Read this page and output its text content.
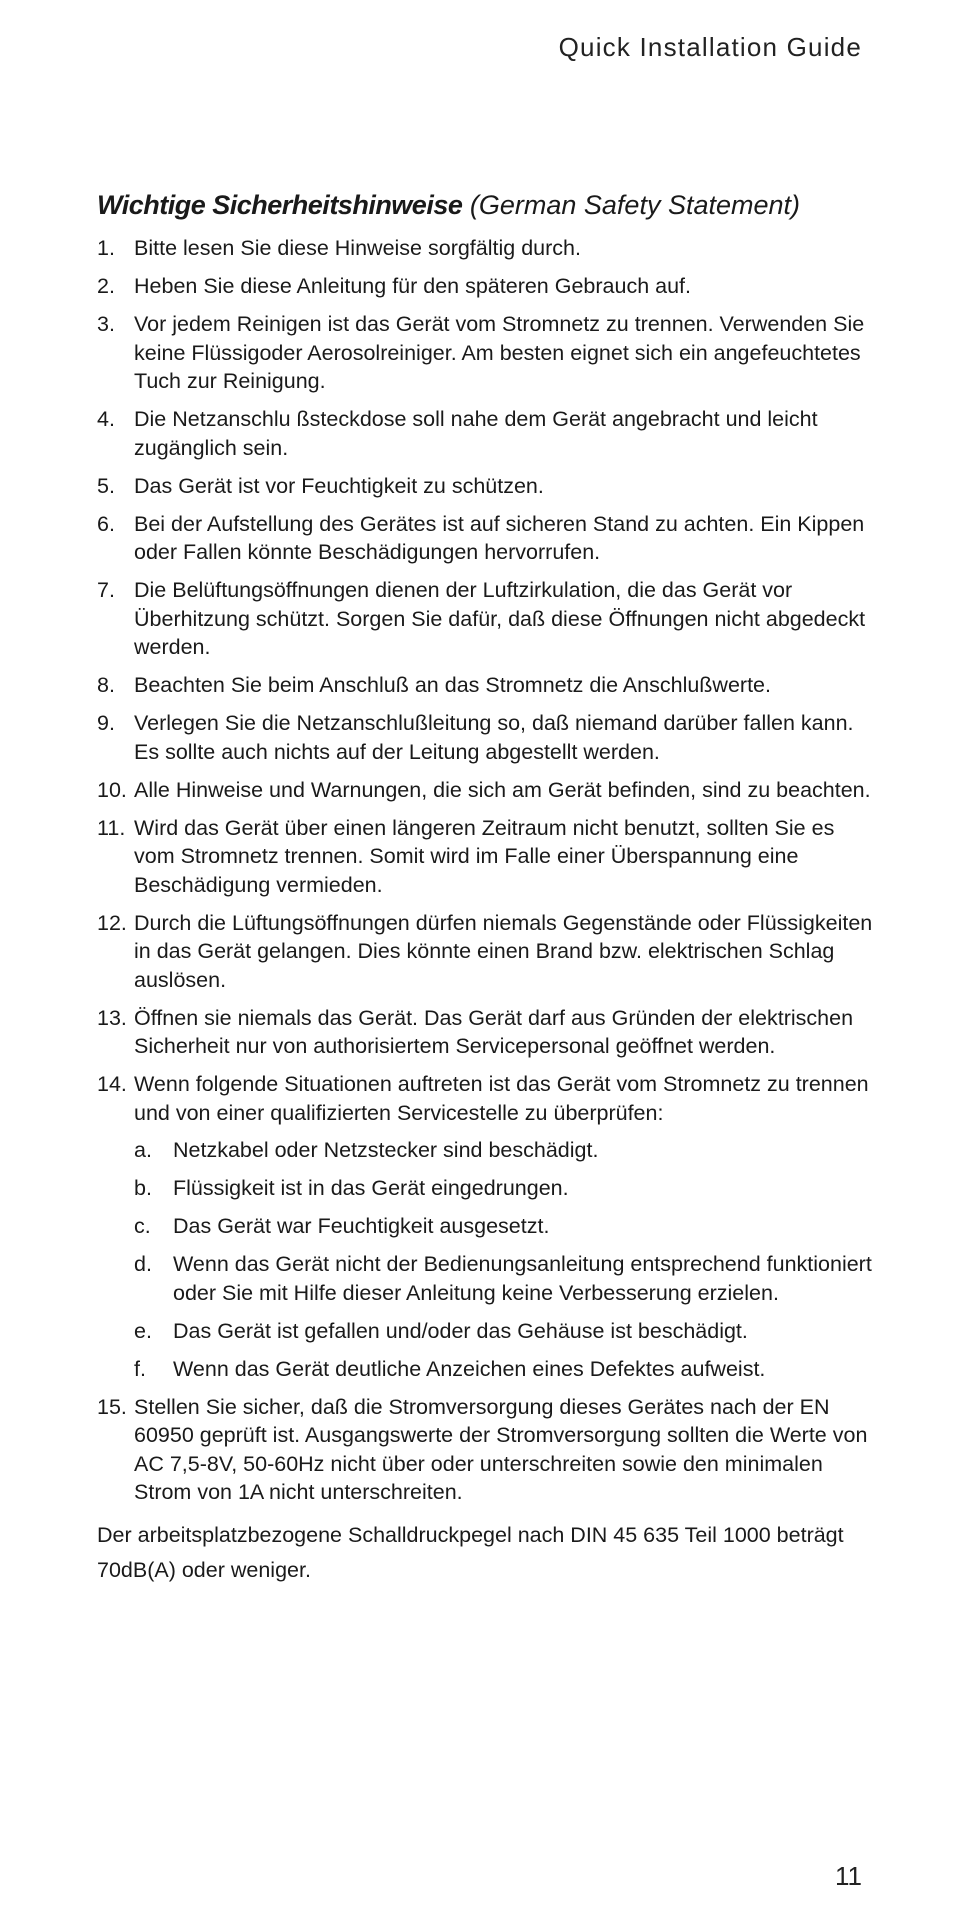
Quick Installation Guide
Wichtige Sicherheitshinweise (German Safety Statement)
1. Bitte lesen Sie diese Hinweise sorgfältig durch.
2. Heben Sie diese Anleitung für den späteren Gebrauch auf.
3. Vor jedem Reinigen ist das Gerät vom Stromnetz zu trennen. Verwenden Sie keine Flüssigoder Aerosolreiniger. Am besten eignet sich ein angefeuchtetes Tuch zur Reinigung.
4. Die Netzanschlu ßsteckdose soll nahe dem Gerät angebracht und leicht zugänglich sein.
5. Das Gerät ist vor Feuchtigkeit zu schützen.
6. Bei der Aufstellung des Gerätes ist auf sicheren Stand zu achten. Ein Kippen oder Fallen könnte Beschädigungen hervorrufen.
7. Die Belüftungsöffnungen dienen der Luftzirkulation, die das Gerät vor Überhitzung schützt. Sorgen Sie dafür, daß diese Öffnungen nicht abgedeckt werden.
8. Beachten Sie beim Anschluß an das Stromnetz die Anschlußwerte.
9. Verlegen Sie die Netzanschlußleitung so, daß niemand darüber fallen kann. Es sollte auch nichts auf der Leitung abgestellt werden.
10. Alle Hinweise und Warnungen, die sich am Gerät befinden, sind zu beachten.
11. Wird das Gerät über einen längeren Zeitraum nicht benutzt, sollten Sie es vom Stromnetz trennen. Somit wird im Falle einer Überspannung eine Beschädigung vermieden.
12. Durch die Lüftungsöffnungen dürfen niemals Gegenstände oder Flüssigkeiten in das Gerät gelangen. Dies könnte einen Brand bzw. elektrischen Schlag auslösen.
13. Öffnen sie niemals das Gerät. Das Gerät darf aus Gründen der elektrischen Sicherheit nur von authorisiertem Servicepersonal geöffnet werden.
14. Wenn folgende Situationen auftreten ist das Gerät vom Stromnetz zu trennen und von einer qualifizierten Servicestelle zu überprüfen:
a. Netzkabel oder Netzstecker sind beschädigt.
b. Flüssigkeit ist in das Gerät eingedrungen.
c. Das Gerät war Feuchtigkeit ausgesetzt.
d. Wenn das Gerät nicht der Bedienungsanleitung entsprechend funktioniert oder Sie mit Hilfe dieser Anleitung keine Verbesserung erzielen.
e. Das Gerät ist gefallen und/oder das Gehäuse ist beschädigt.
f. Wenn das Gerät deutliche Anzeichen eines Defektes aufweist.
15. Stellen Sie sicher, daß die Stromversorgung dieses Gerätes nach der EN 60950 geprüft ist. Ausgangswerte der Stromversorgung sollten die Werte von AC 7,5-8V, 50-60Hz nicht über oder unterschreiten sowie den minimalen Strom von 1A nicht unterschreiten.

Der arbeitsplatzbezogene Schalldruckpegel nach DIN 45 635 Teil 1000 beträgt 70dB(A) oder weniger.

11
